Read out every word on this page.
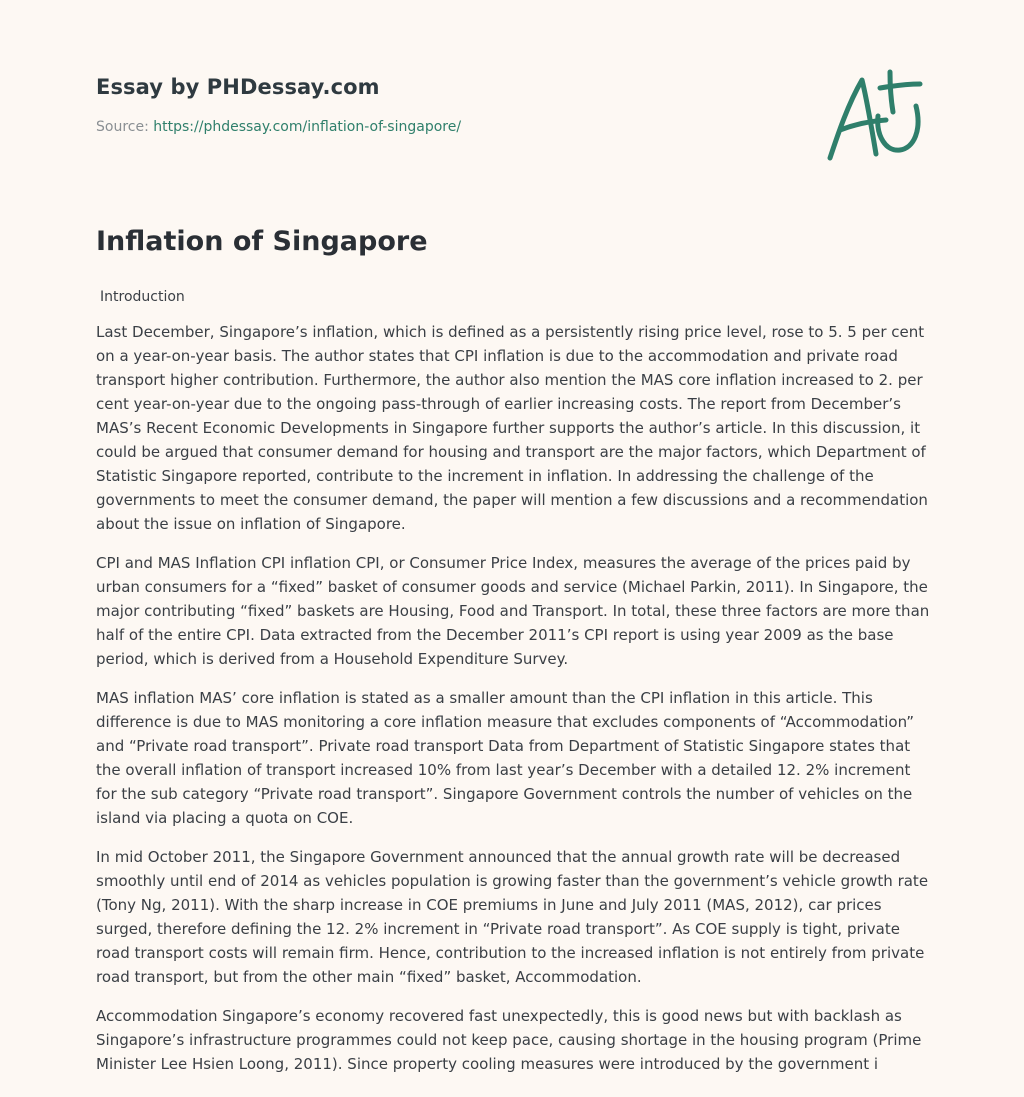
Essay by PHDessay.com
Source: https://phdessay.com/inflation-of-singapore/
Inflation of Singapore
Introduction

Last December, Singapore’s inflation, which is defined as a persistently rising price level, rose to 5. 5 per cent on a year-on-year basis. The author states that CPI inflation is due to the accommodation and private road transport higher contribution. Furthermore, the author also mention the MAS core inflation increased to 2. per cent year-on-year due to the ongoing pass-through of earlier increasing costs. The report from December’s MAS’s Recent Economic Developments in Singapore further supports the author’s article. In this discussion, it could be argued that consumer demand for housing and transport are the major factors, which Department of Statistic Singapore reported, contribute to the increment in inflation. In addressing the challenge of the governments to meet the consumer demand, the paper will mention a few discussions and a recommendation about the issue on inflation of Singapore.

CPI and MAS Inflation CPI inflation CPI, or Consumer Price Index, measures the average of the prices paid by urban consumers for a “fixed” basket of consumer goods and service (Michael Parkin, 2011). In Singapore, the major contributing “fixed” baskets are Housing, Food and Transport. In total, these three factors are more than half of the entire CPI. Data extracted from the December 2011’s CPI report is using year 2009 as the base period, which is derived from a Household Expenditure Survey.

MAS inflation MAS’ core inflation is stated as a smaller amount than the CPI inflation in this article. This difference is due to MAS monitoring a core inflation measure that excludes components of “Accommodation” and “Private road transport”. Private road transport Data from Department of Statistic Singapore states that the overall inflation of transport increased 10% from last year’s December with a detailed 12. 2% increment for the sub category “Private road transport”. Singapore Government controls the number of vehicles on the island via placing a quota on COE.

In mid October 2011, the Singapore Government announced that the annual growth rate will be decreased smoothly until end of 2014 as vehicles population is growing faster than the government’s vehicle growth rate (Tony Ng, 2011). With the sharp increase in COE premiums in June and July 2011 (MAS, 2012), car prices surged, therefore defining the 12. 2% increment in “Private road transport”. As COE supply is tight, private road transport costs will remain firm. Hence, contribution to the increased inflation is not entirely from private road transport, but from the other main “fixed” basket, Accommodation.

Accommodation Singapore’s economy recovered fast unexpectedly, this is good news but with backlash as Singapore’s infrastructure programmes could not keep pace, causing shortage in the housing program (Prime Minister Lee Hsien Loong, 2011). Since property cooling measures were introduced by the government i
